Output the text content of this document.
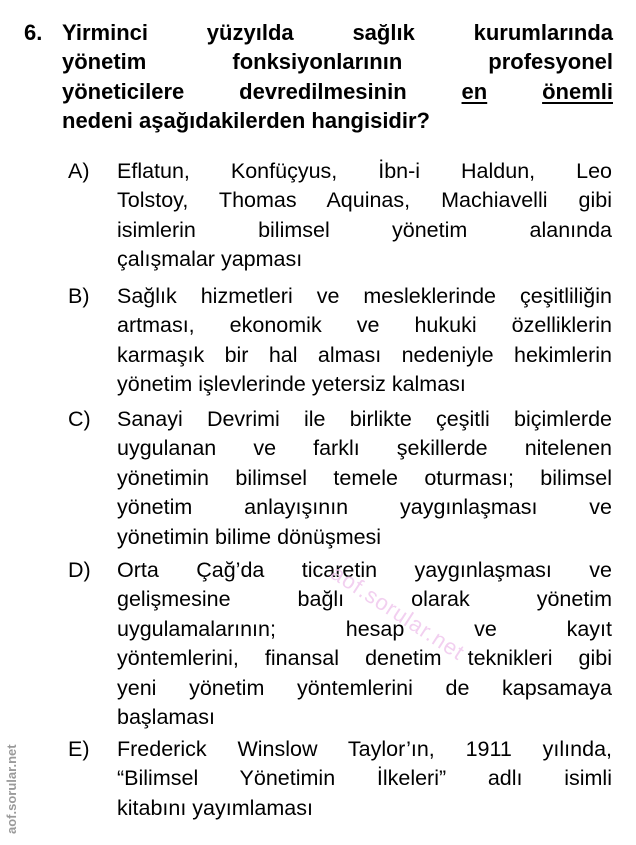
6. Yirminci yüzyılda sağlık kurumlarında
yönetim fonksiyonlarının profesyonel
yöneticilere devredilmesinin en önemli
nedeni aşağıdakilerden hangisidir?
A) Eflatun, Konfüçyus, İbn-i Haldun, Leo
Tolstoy, Thomas Aquinas, Machiavelli gibi
isimlerin bilimsel yönetim alanında
çalışmalar yapması
B) Sağlık hizmetleri ve mesleklerinde çeşitliliğin
artması, ekonomik ve hukuki özelliklerin
karmaşık bir hal alması nedeniyle hekimlerin
yönetim işlevlerinde yetersiz kalması
C) Sanayi Devrimi ile birlikte çeşitli biçimlerde
uygulanan ve farklı şekillerde nitelenen
yönetimin bilimsel temele oturması; bilimsel
yönetim anlayışının yaygınlaşması ve
yönetimin bilime dönüşmesi
D) Orta Çağ’da ticaretin yaygınlaşması ve
gelişmesine bağlı olarak yönetim
uygulamalarının; hesap ve kayıt
yöntemlerini, finansal denetim teknikleri gibi
yeni yönetim yöntemlerini de kapsamaya
başlaması
E) Frederick Winslow Taylor’ın, 1911 yılında,
“Bilimsel Yönetimin İlkeleri” adlı isimli
kitabını yayımlaması
aof.sorular.net
aof.sorular.net
